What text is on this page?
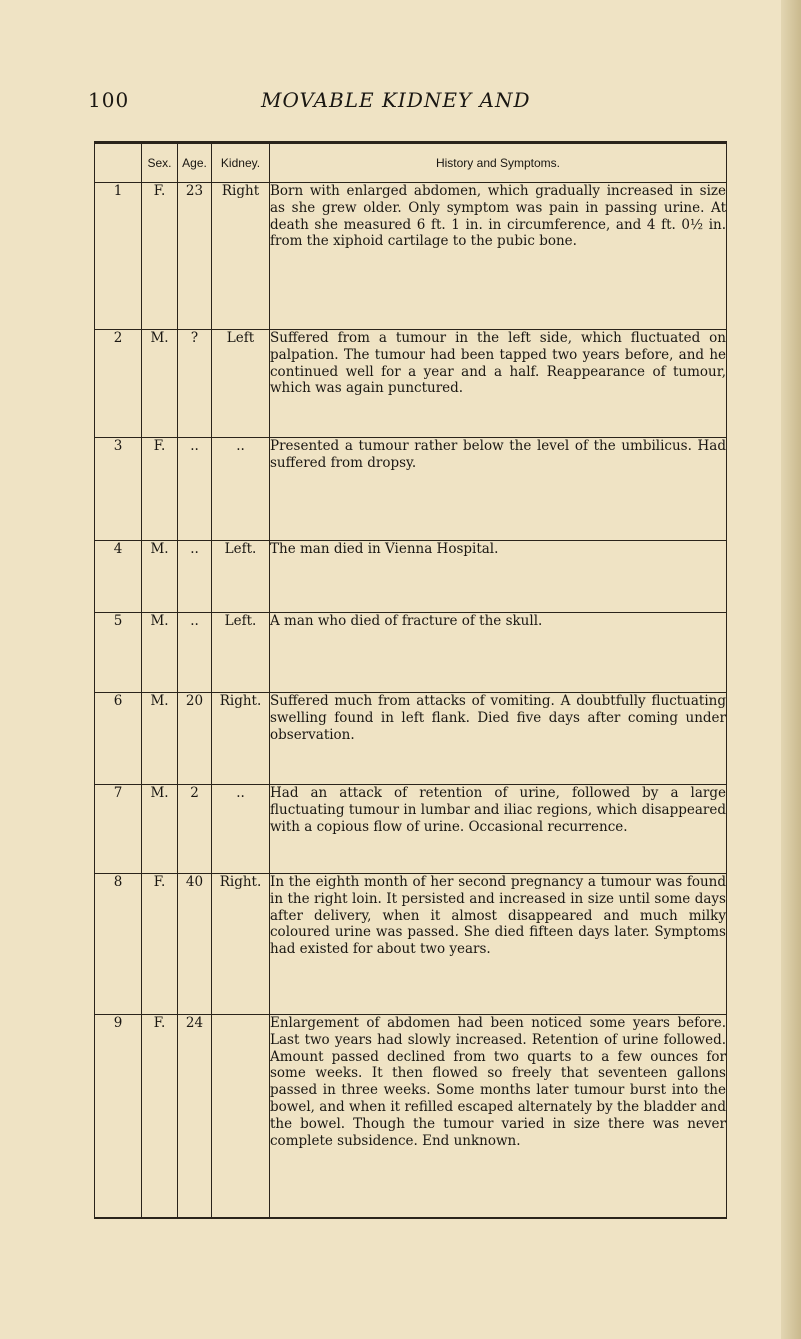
100	MOVABLE KIDNEY AND
	Sex.	Age.	Kidney.	History and Symptoms.
1	F.	23	Right	Born with enlarged abdomen, which gradually increased in size as she grew older. Only symptom was pain in passing urine. At death she measured 6 ft. 1 in. in circumference, and 4 ft. 0½ in. from the xiphoid cartilage to the pubic bone.
2	M.	?	Left	Suffered from a tumour in the left side, which fluctuated on palpation. The tumour had been tapped two years before, and he continued well for a year and a half. Reappearance of tumour, which was again punctured.
3	F.	..	..	Presented a tumour rather below the level of the umbilicus. Had suffered from dropsy.
4	M.	..	Left.	The man died in Vienna Hospital.
5	M.	..	Left.	A man who died of fracture of the skull.
6	M.	20	Right.	Suffered much from attacks of vomiting. A doubtfully fluctuating swelling found in left flank. Died five days after coming under observation.
7	M.	2	..	Had an attack of retention of urine, followed by a large fluctuating tumour in lumbar and iliac regions, which disappeared with a copious flow of urine. Occasional recurrence.
8	F.	40	Right.	In the eighth month of her second pregnancy a tumour was found in the right loin. It persisted and increased in size until some days after delivery, when it almost disappeared and much milky coloured urine was passed. She died fifteen days later. Symptoms had existed for about two years.
9	F.	24		Enlargement of abdomen had been noticed some years before. Last two years had slowly increased. Retention of urine followed. Amount passed declined from two quarts to a few ounces for some weeks. It then flowed so freely that seventeen gallons passed in three weeks. Some months later tumour burst into the bowel, and when it refilled escaped alternately by the bladder and the bowel. Though the tumour varied in size there was never complete subsidence. End unknown.
